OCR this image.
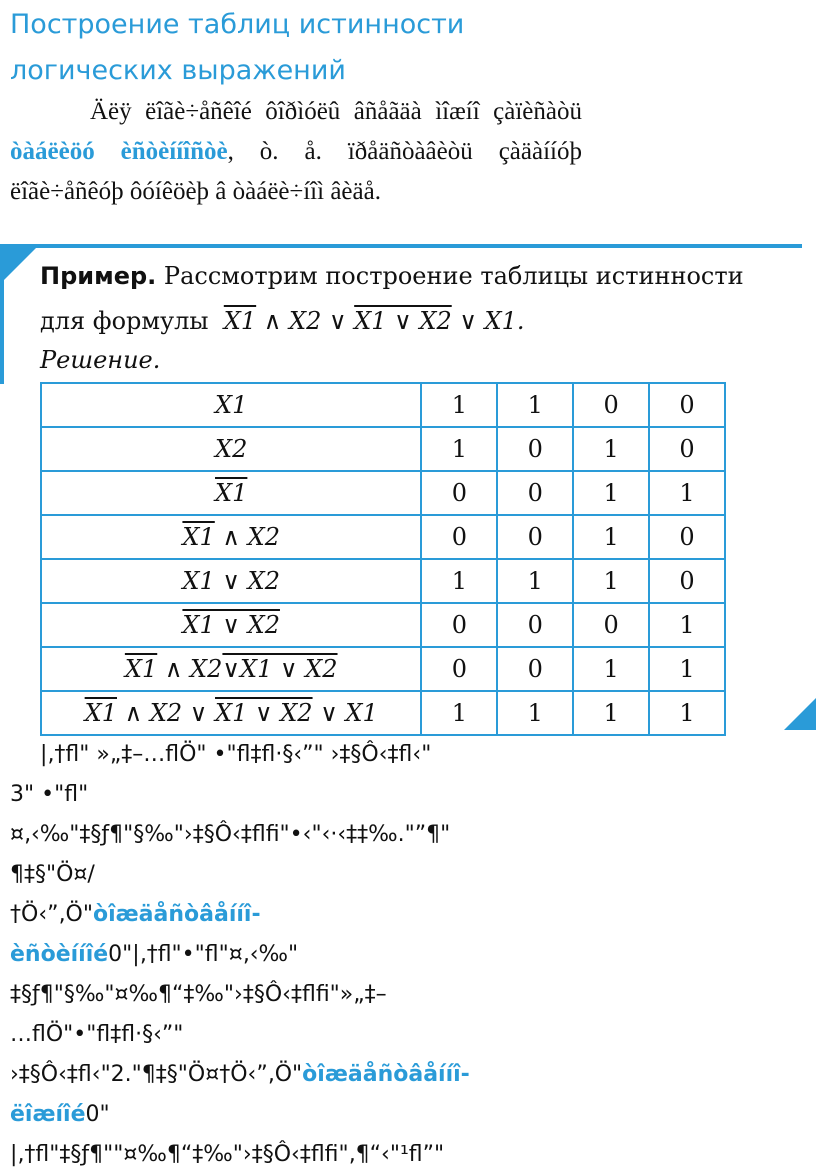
Построение таблиц истинности
логических выражений

Äëÿ ëîãè÷åñêîé ôîðìóëû âñåãäà ìîæíî çàïèñàòü òàáëèöó èñòèííîñòè, ò. å. ïðåäñòàâèòü çàäàííóþ ëîãè÷åñêóþ ôóíêöèþ â òàáëè÷íîì âèäå.

Пример. Рассмотрим построение таблицы истинности для формулы X1 ∧ X2 ∨ X1 ∨ X2 ∨ X1.

Решение.
X1	1	1	0	0
X2	1	0	1	0
X1	0	0	1	1
X1 ∧ X2	0	0	1	0
X1 ∨ X2	1	1	1	0
X1 ∨ X2	0	0	0	1
X1 ∧ X2∨X1 ∨ X2	0	0	1	1
X1 ∧ X2 ∨ X1 ∨ X2 ∨ X1	1	1	1	1

|‚†fl" »„‡–…flÖ" •"fl‡fl·§‹”" ›‡§Ô‹‡fl‹"
3" •"fl"
¤‚‹‰"‡§ƒ¶"§‰"›‡§Ô‹‡flfi"•‹"‹·‹‡‡‰."”¶"
¶‡§"Ö¤/
†Ö‹”‚Ö"òîæäåñòâåííî-
èñòèííîé0"|‚†fl"•"fl"¤‚‹‰"
‡§ƒ¶"§‰"¤‰¶“‡‰"›‡§Ô‹‡flfi"»„‡–
…flÖ"•"fl‡fl·§‹”"
›‡§Ô‹‡fl‹"2."¶‡§"Ö¤†Ö‹”‚Ö"òîæäåñòâåííî-
ëîæíîé0"
|‚†fl"‡§ƒ¶""¤‰¶“‡‰"›‡§Ô‹‡flfi"‚¶“‹"¹fl”"
